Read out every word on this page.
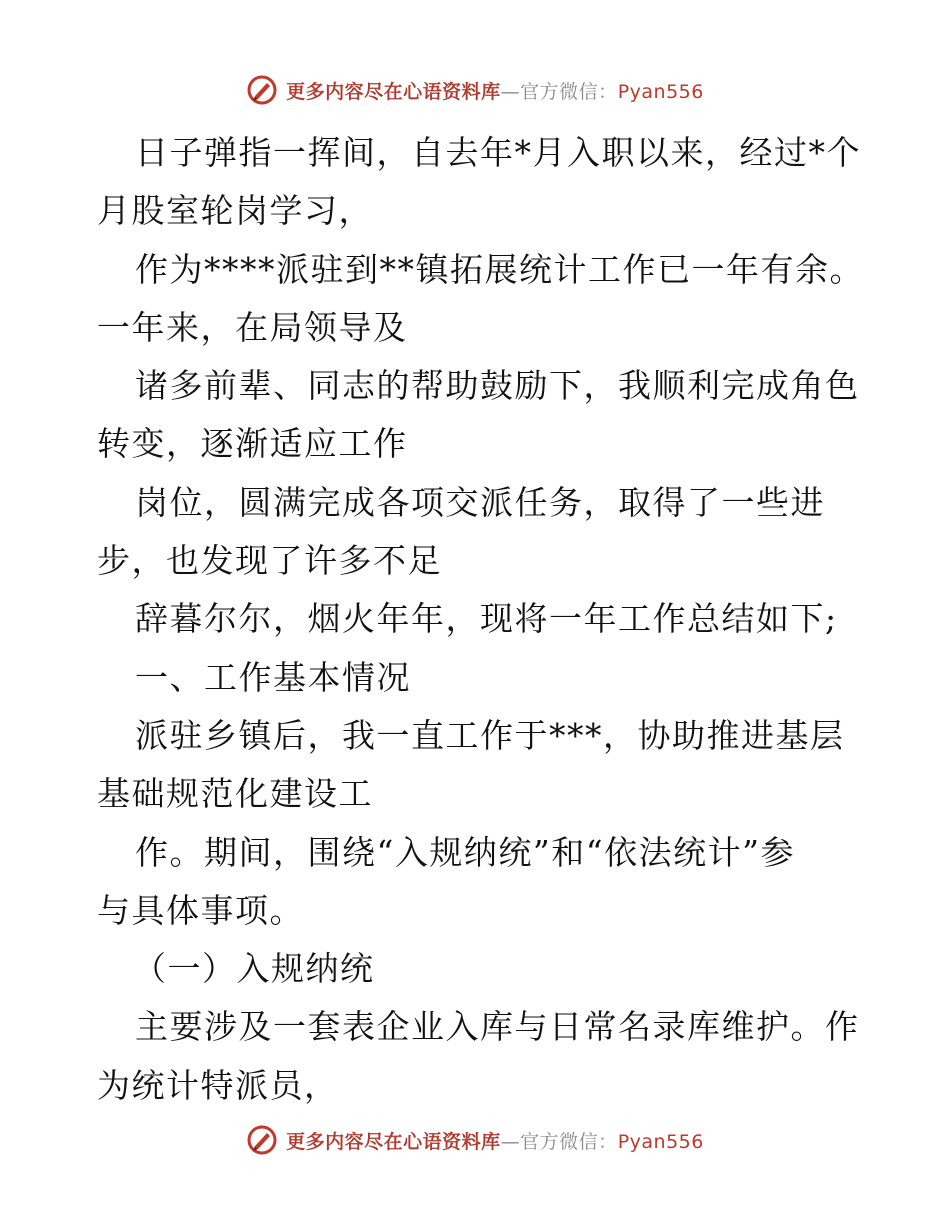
更多内容尽在心语资料库—官方微信：Pyan556
日子弹指一挥间，自去年*月入职以来，经过*个
月股室轮岗学习，
作为****派驻到**镇拓展统计工作已一年有余。
一年来，在局领导及
诸多前辈、同志的帮助鼓励下，我顺利完成角色
转变，逐渐适应工作
岗位，圆满完成各项交派任务，取得了一些进
步，也发现了许多不足
辞暮尔尔，烟火年年，现将一年工作总结如下;
一、工作基本情况
派驻乡镇后，我一直工作于***，协助推进基层
基础规范化建设工
作。期间，围绕“入规纳统”和“依法统计”参
与具体事项。
（一）入规纳统
主要涉及一套表企业入库与日常名录库维护。作
为统计特派员，
更多内容尽在心语资料库—官方微信：Pyan556
